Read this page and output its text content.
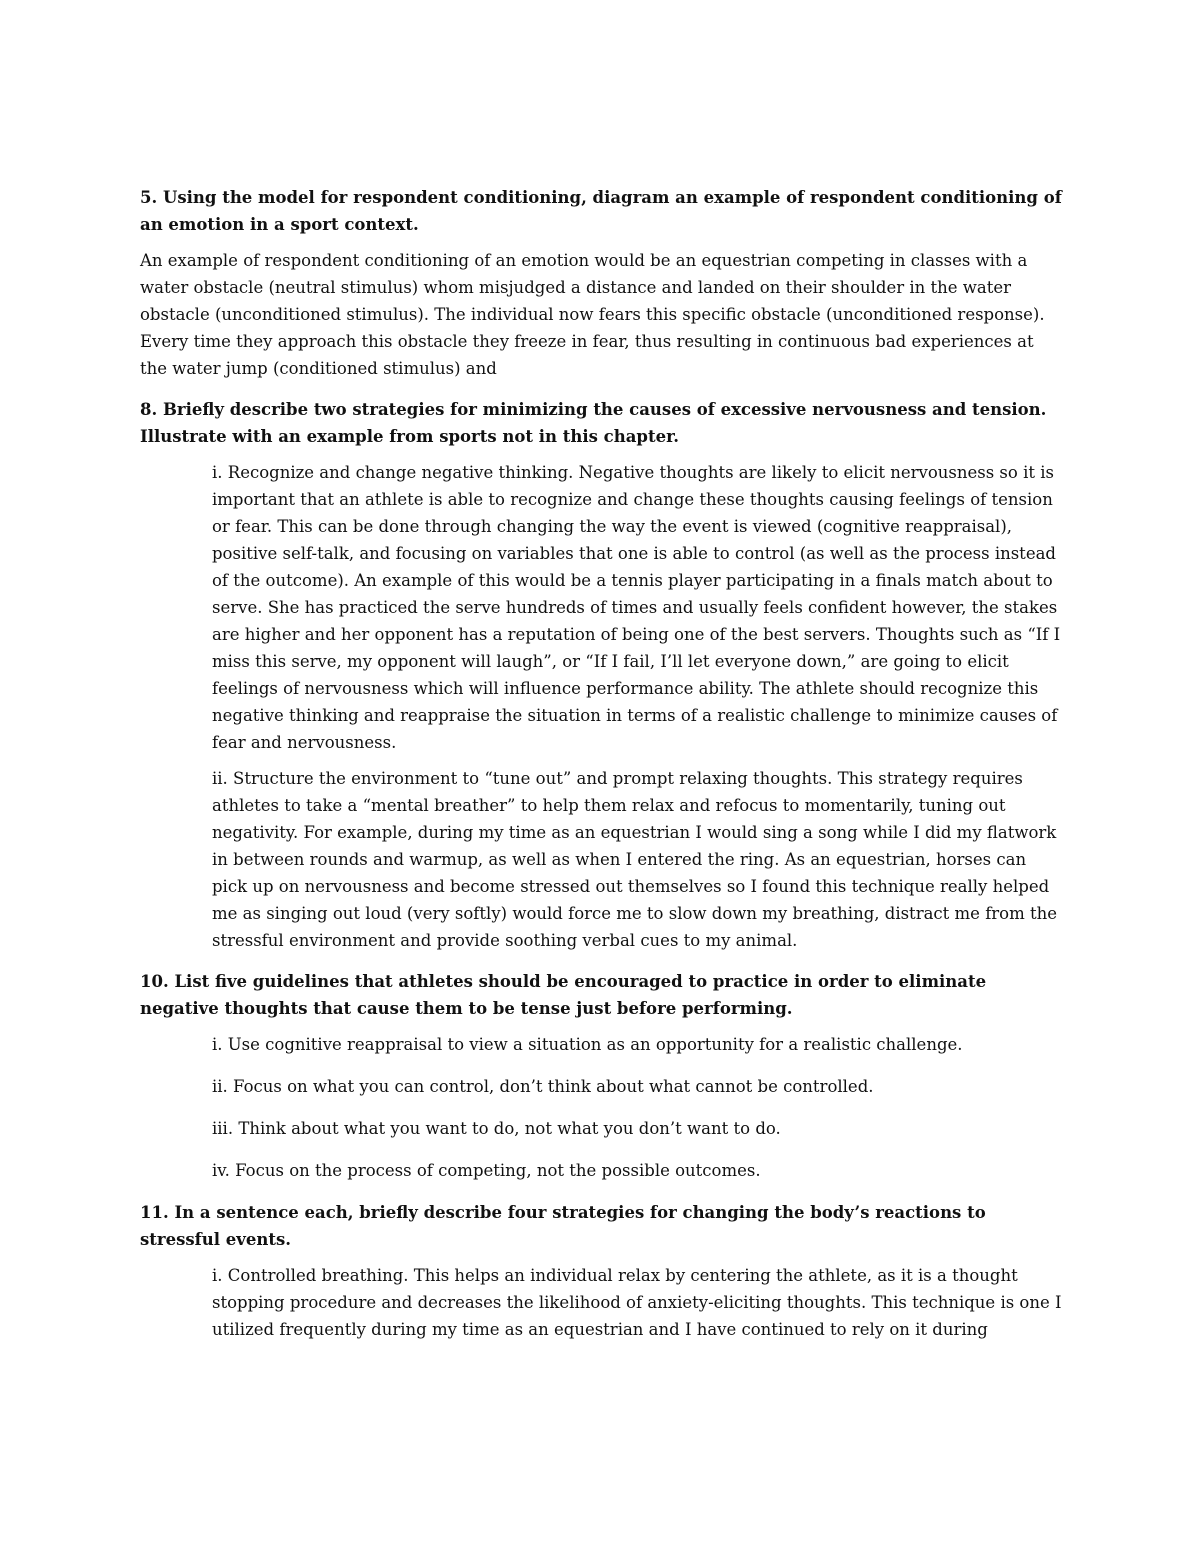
5. Using the model for respondent conditioning, diagram an example of respondent conditioning of an emotion in a sport context.

An example of respondent conditioning of an emotion would be an equestrian competing in classes with a water obstacle (neutral stimulus) whom misjudged a distance and landed on their shoulder in the water obstacle (unconditioned stimulus). The individual now fears this specific obstacle (unconditioned response). Every time they approach this obstacle they freeze in fear, thus resulting in continuous bad experiences at the water jump (conditioned stimulus) and

8. Briefly describe two strategies for minimizing the causes of excessive nervousness and tension. Illustrate with an example from sports not in this chapter.

i. Recognize and change negative thinking. Negative thoughts are likely to elicit nervousness so it is important that an athlete is able to recognize and change these thoughts causing feelings of tension or fear. This can be done through changing the way the event is viewed (cognitive reappraisal), positive self-talk, and focusing on variables that one is able to control (as well as the process instead of the outcome). An example of this would be a tennis player participating in a finals match about to serve. She has practiced the serve hundreds of times and usually feels confident however, the stakes are higher and her opponent has a reputation of being one of the best servers. Thoughts such as “If I miss this serve, my opponent will laugh”, or “If I fail, I’ll let everyone down,” are going to elicit feelings of nervousness which will influence performance ability. The athlete should recognize this negative thinking and reappraise the situation in terms of a realistic challenge to minimize causes of fear and nervousness.

ii. Structure the environment to “tune out” and prompt relaxing thoughts. This strategy requires athletes to take a “mental breather” to help them relax and refocus to momentarily, tuning out negativity. For example, during my time as an equestrian I would sing a song while I did my flatwork in between rounds and warmup, as well as when I entered the ring. As an equestrian, horses can pick up on nervousness and become stressed out themselves so I found this technique really helped me as singing out loud (very softly) would force me to slow down my breathing, distract me from the stressful environment and provide soothing verbal cues to my animal.

10. List five guidelines that athletes should be encouraged to practice in order to eliminate negative thoughts that cause them to be tense just before performing.

i. Use cognitive reappraisal to view a situation as an opportunity for a realistic challenge.

ii. Focus on what you can control, don’t think about what cannot be controlled.

iii. Think about what you want to do, not what you don’t want to do.

iv. Focus on the process of competing, not the possible outcomes.

11. In a sentence each, briefly describe four strategies for changing the body’s reactions to stressful events.

i. Controlled breathing. This helps an individual relax by centering the athlete, as it is a thought stopping procedure and decreases the likelihood of anxiety-eliciting thoughts. This technique is one I utilized frequently during my time as an equestrian and I have continued to rely on it during
